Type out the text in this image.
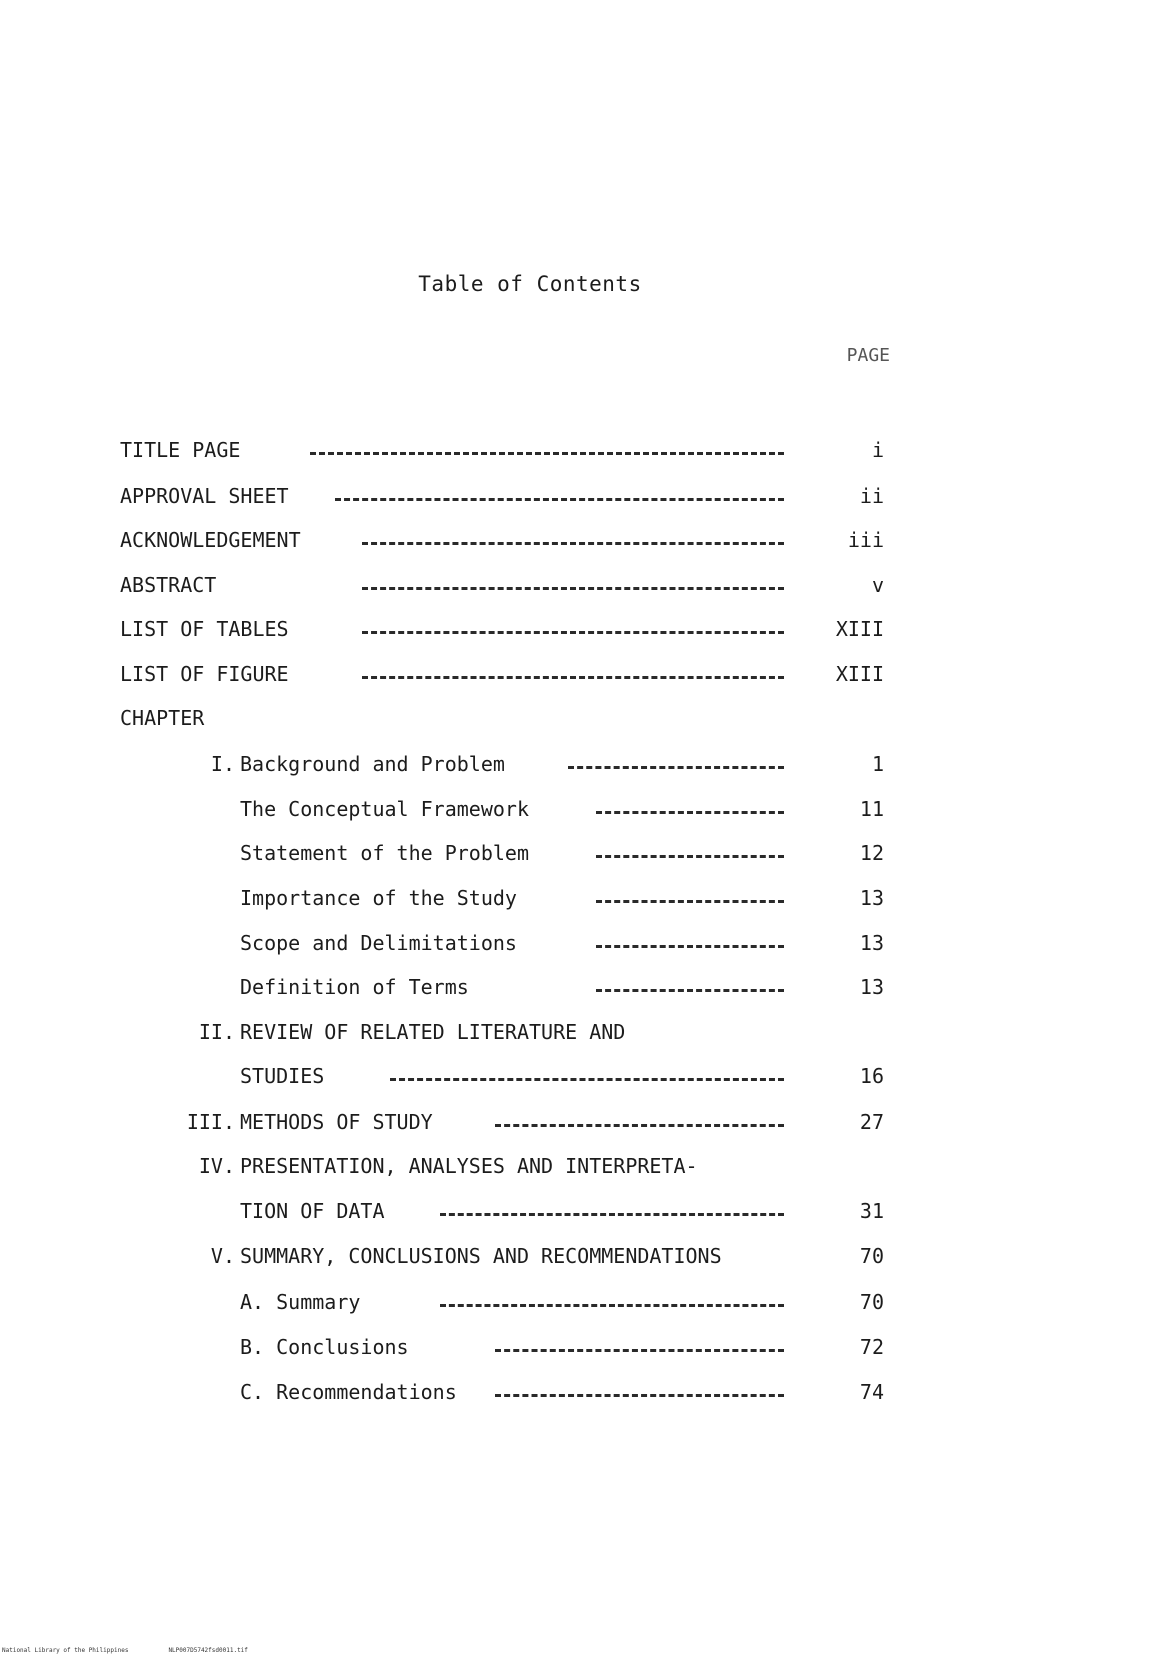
Table of Contents
PAGE
TITLE PAGE	i
APPROVAL SHEET	ii
ACKNOWLEDGEMENT	iii
ABSTRACT	v
LIST OF TABLES	XIII
LIST OF FIGURE	XIII
CHAPTER
I. Background and Problem	1
The Conceptual Framework	11
Statement of the Problem	12
Importance of the Study	13
Scope and Delimitations	13
Definition of Terms	13
II. REVIEW OF RELATED LITERATURE AND
STUDIES	16
III. METHODS OF STUDY	27
IV. PRESENTATION, ANALYSES AND INTERPRETA-
TION OF DATA	31
V. SUMMARY, CONCLUSIONS AND RECOMMENDATIONS	70
A. Summary	70
B. Conclusions	72
C. Recommendations	74
National Library of the Philippines	NLP007D5742fsd0011.tif
